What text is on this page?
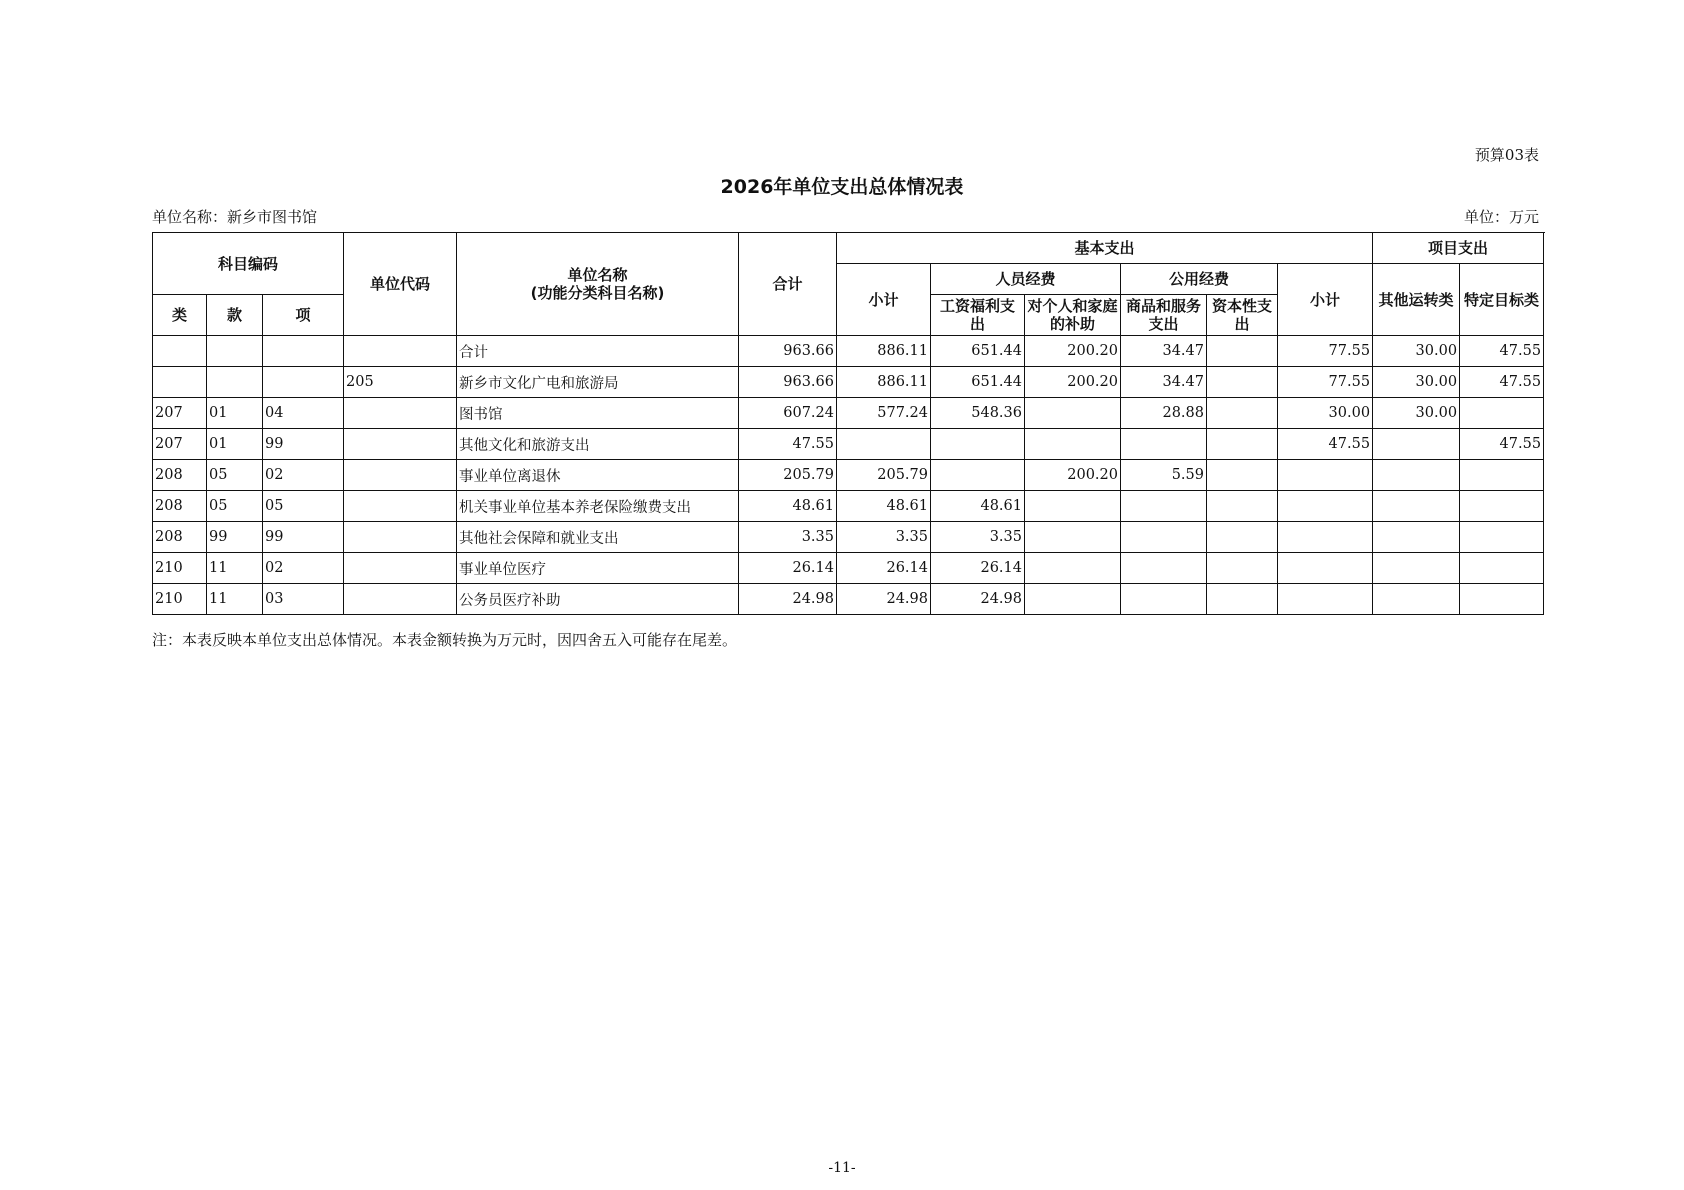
预算03表
2026年单位支出总体情况表
单位名称：新乡市图书馆	单位：万元
科目编码			单位代码	单位名称
(功能分类科目名称)	合计	基本支出						项目支出	
						小计	人员经费		公用经费		小计	其他运转类	特定目标类
类	款	项					工资福利支出	对个人和家庭的补助	商品和服务支出	资本性支出			
				合计	963.66	886.11	651.44	200.20	34.47		77.55	30.00	47.55
			205	新乡市文化广电和旅游局	963.66	886.11	651.44	200.20	34.47		77.55	30.00	47.55
207	01	04		图书馆	607.24	577.24	548.36		28.88		30.00	30.00	
207	01	99		其他文化和旅游支出	47.55						47.55		47.55
208	05	02		事业单位离退休	205.79	205.79		200.20	5.59				
208	05	05		机关事业单位基本养老保险缴费支出	48.61	48.61	48.61						
208	99	99		其他社会保障和就业支出	3.35	3.35	3.35						
210	11	02		事业单位医疗	26.14	26.14	26.14						
210	11	03		公务员医疗补助	24.98	24.98	24.98						
注：本表反映本单位支出总体情况。本表金额转换为万元时，因四舍五入可能存在尾差。
-11-
